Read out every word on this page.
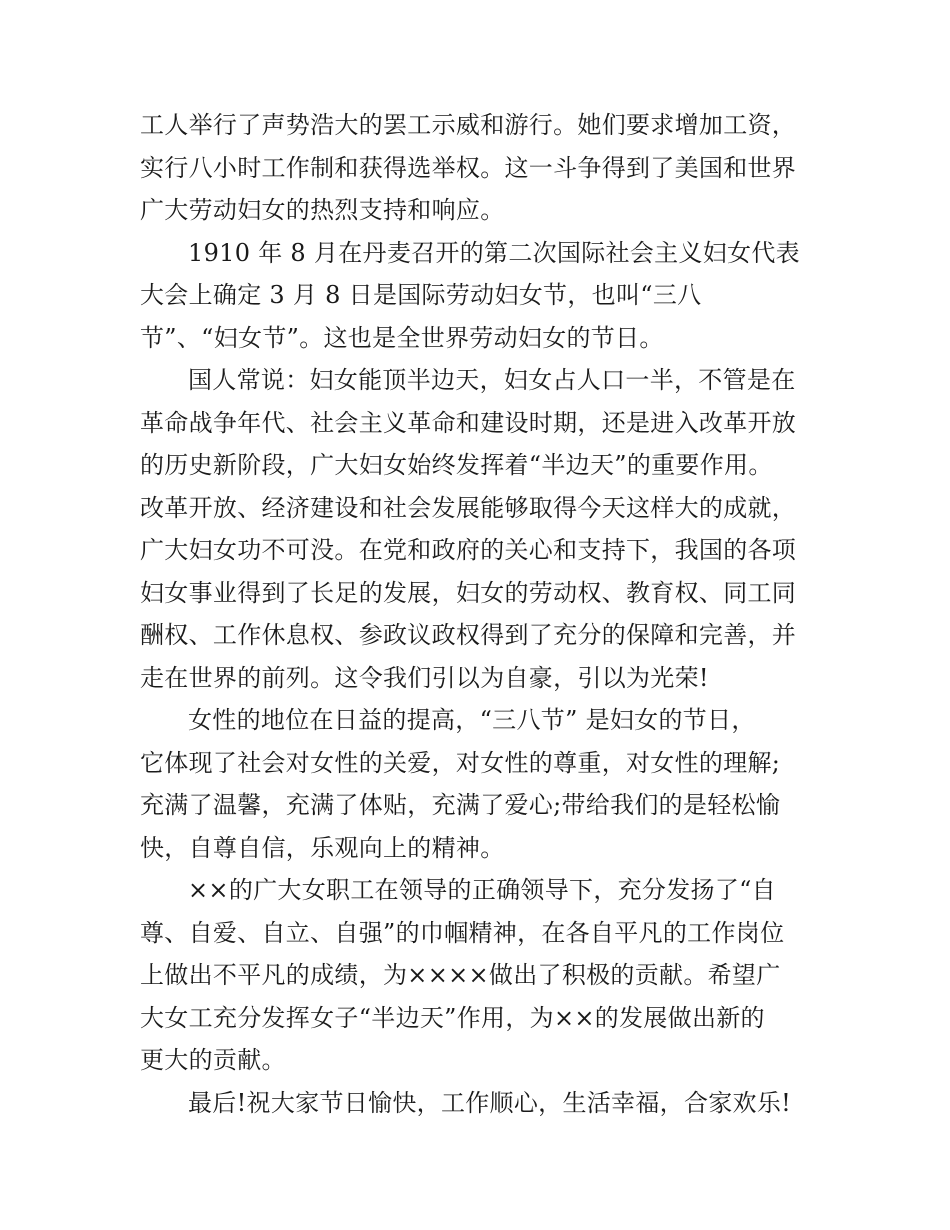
工人举行了声势浩大的罢工示威和游行。她们要求增加工资，
实行八小时工作制和获得选举权。这一斗争得到了美国和世界
广大劳动妇女的热烈支持和响应。
1910 年 8 月在丹麦召开的第二次国际社会主义妇女代表
大会上确定 3 月 8 日是国际劳动妇女节，也叫“三八
节”、“妇女节”。这也是全世界劳动妇女的节日。
国人常说：妇女能顶半边天，妇女占人口一半，不管是在
革命战争年代、社会主义革命和建设时期，还是进入改革开放
的历史新阶段，广大妇女始终发挥着“半边天”的重要作用。
改革开放、经济建设和社会发展能够取得今天这样大的成就，
广大妇女功不可没。在党和政府的关心和支持下，我国的各项
妇女事业得到了长足的发展，妇女的劳动权、教育权、同工同
酬权、工作休息权、参政议政权得到了充分的保障和完善，并
走在世界的前列。这令我们引以为自豪，引以为光荣!
女性的地位在日益的提高，“三八节” 是妇女的节日，
它体现了社会对女性的关爱，对女性的尊重，对女性的理解;
充满了温馨，充满了体贴，充满了爱心;带给我们的是轻松愉
快，自尊自信，乐观向上的精神。
××的广大女职工在领导的正确领导下，充分发扬了“自
尊、自爱、自立、自强”的巾帼精神，在各自平凡的工作岗位
上做出不平凡的成绩，为××××做出了积极的贡献。希望广
大女工充分发挥女子“半边天”作用，为××的发展做出新的
更大的贡献。
最后!祝大家节日愉快，工作顺心，生活幸福，合家欢乐!
